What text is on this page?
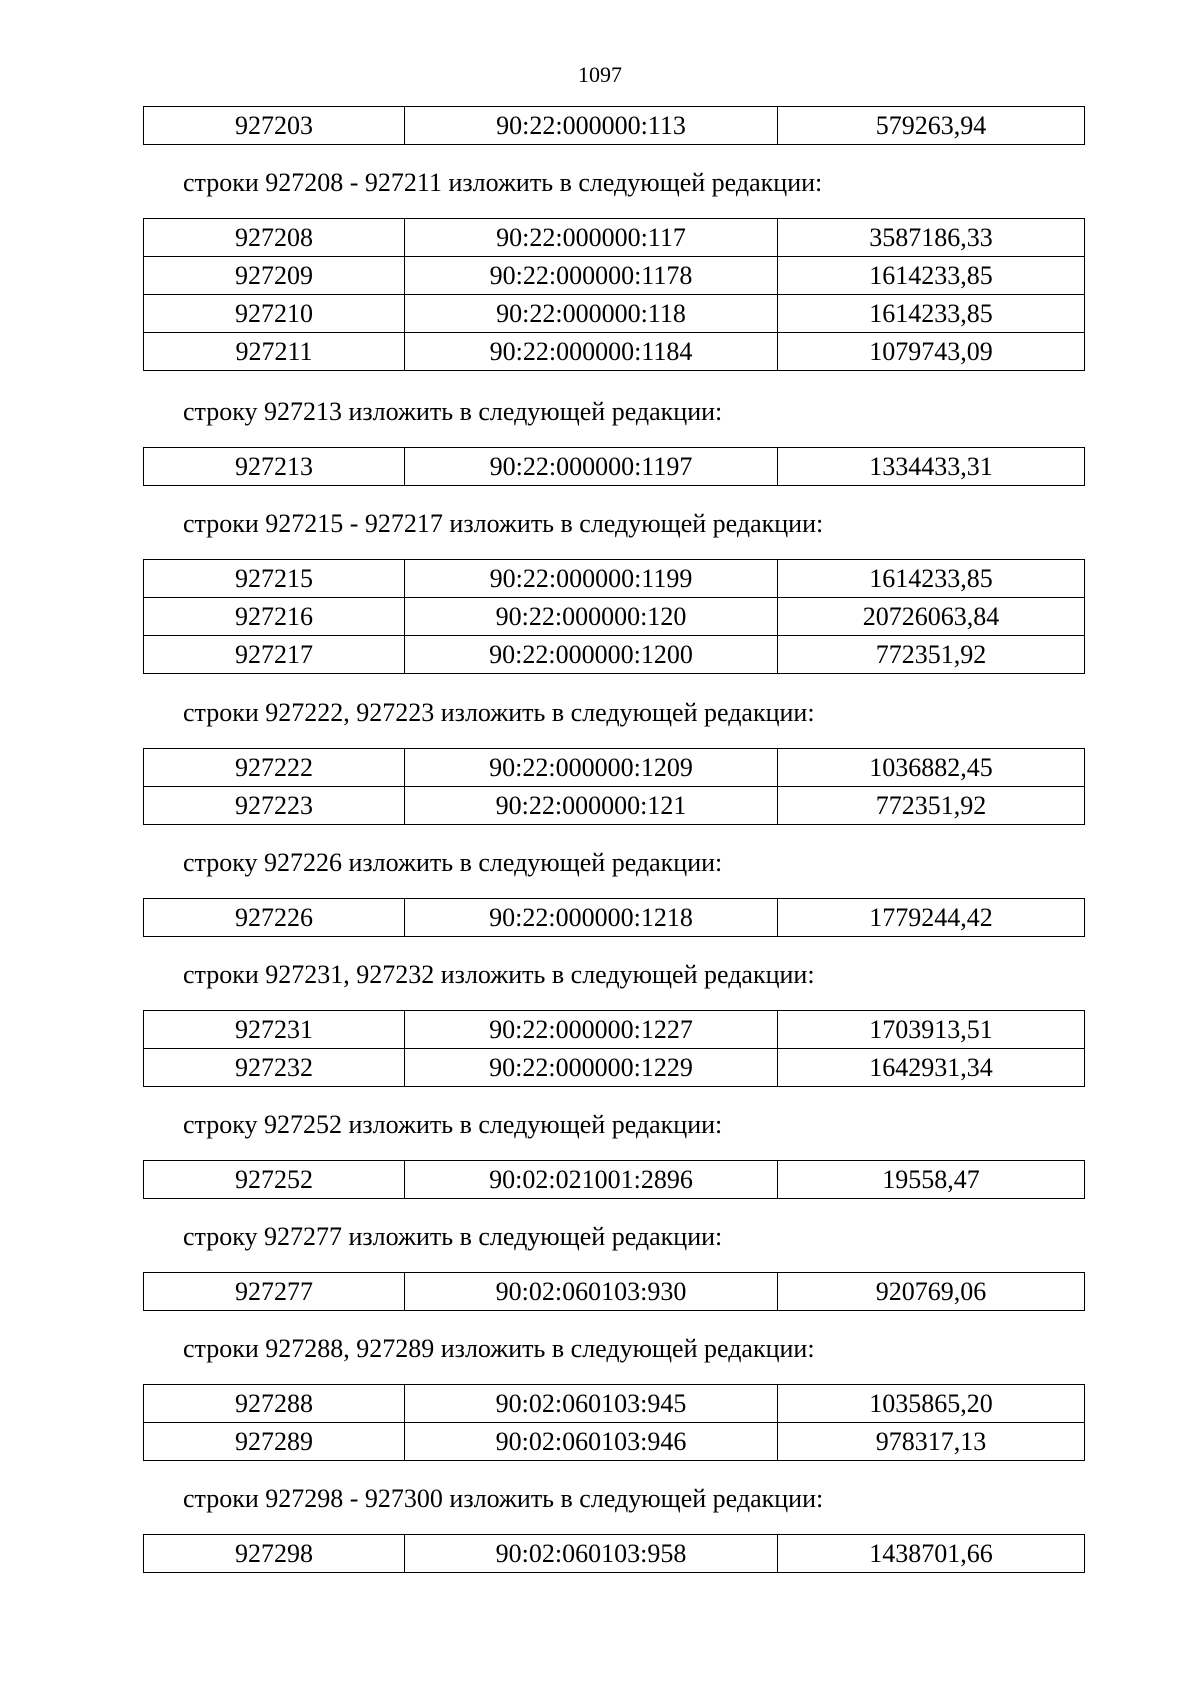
1097
927203	90:22:000000:113	579263,94
строки 927208 - 927211 изложить в следующей редакции:
927208	90:22:000000:117	3587186,33
927209	90:22:000000:1178	1614233,85
927210	90:22:000000:118	1614233,85
927211	90:22:000000:1184	1079743,09
строку 927213 изложить в следующей редакции:
927213	90:22:000000:1197	1334433,31
строки 927215 - 927217 изложить в следующей редакции:
927215	90:22:000000:1199	1614233,85
927216	90:22:000000:120	20726063,84
927217	90:22:000000:1200	772351,92
строки 927222, 927223 изложить в следующей редакции:
927222	90:22:000000:1209	1036882,45
927223	90:22:000000:121	772351,92
строку 927226 изложить в следующей редакции:
927226	90:22:000000:1218	1779244,42
строки 927231, 927232 изложить в следующей редакции:
927231	90:22:000000:1227	1703913,51
927232	90:22:000000:1229	1642931,34
строку 927252 изложить в следующей редакции:
927252	90:02:021001:2896	19558,47
строку 927277 изложить в следующей редакции:
927277	90:02:060103:930	920769,06
строки 927288, 927289 изложить в следующей редакции:
927288	90:02:060103:945	1035865,20
927289	90:02:060103:946	978317,13
строки 927298 - 927300 изложить в следующей редакции:
927298	90:02:060103:958	1438701,66
